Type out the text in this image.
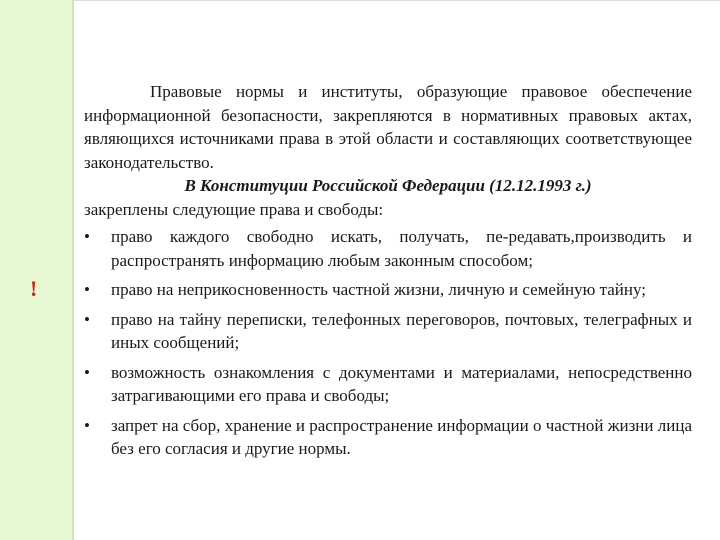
!

Правовые нормы и институты, образующие правовое обеспечение информационной безопасности, закрепляются в нормативных правовых актах, являющихся источниками права в этой области и составляющих соответствующее законодательство.

В Конституции Российской Федерации (12.12.1993 г.)

закреплены следующие права и свободы:

• право каждого свободно искать, получать, пе-редавать,производить и распространять информацию любым законным способом;
• право на неприкосновенность частной жизни, личную и семейную тайну;
• право на тайну переписки, телефонных переговоров, почтовых, телеграфных и иных сообщений;
• возможность ознакомления с документами и материалами, непосредственно затрагивающими его права и свободы;
• запрет на сбор, хранение и распространение информации о частной жизни лица без его согласия и другие нормы.
